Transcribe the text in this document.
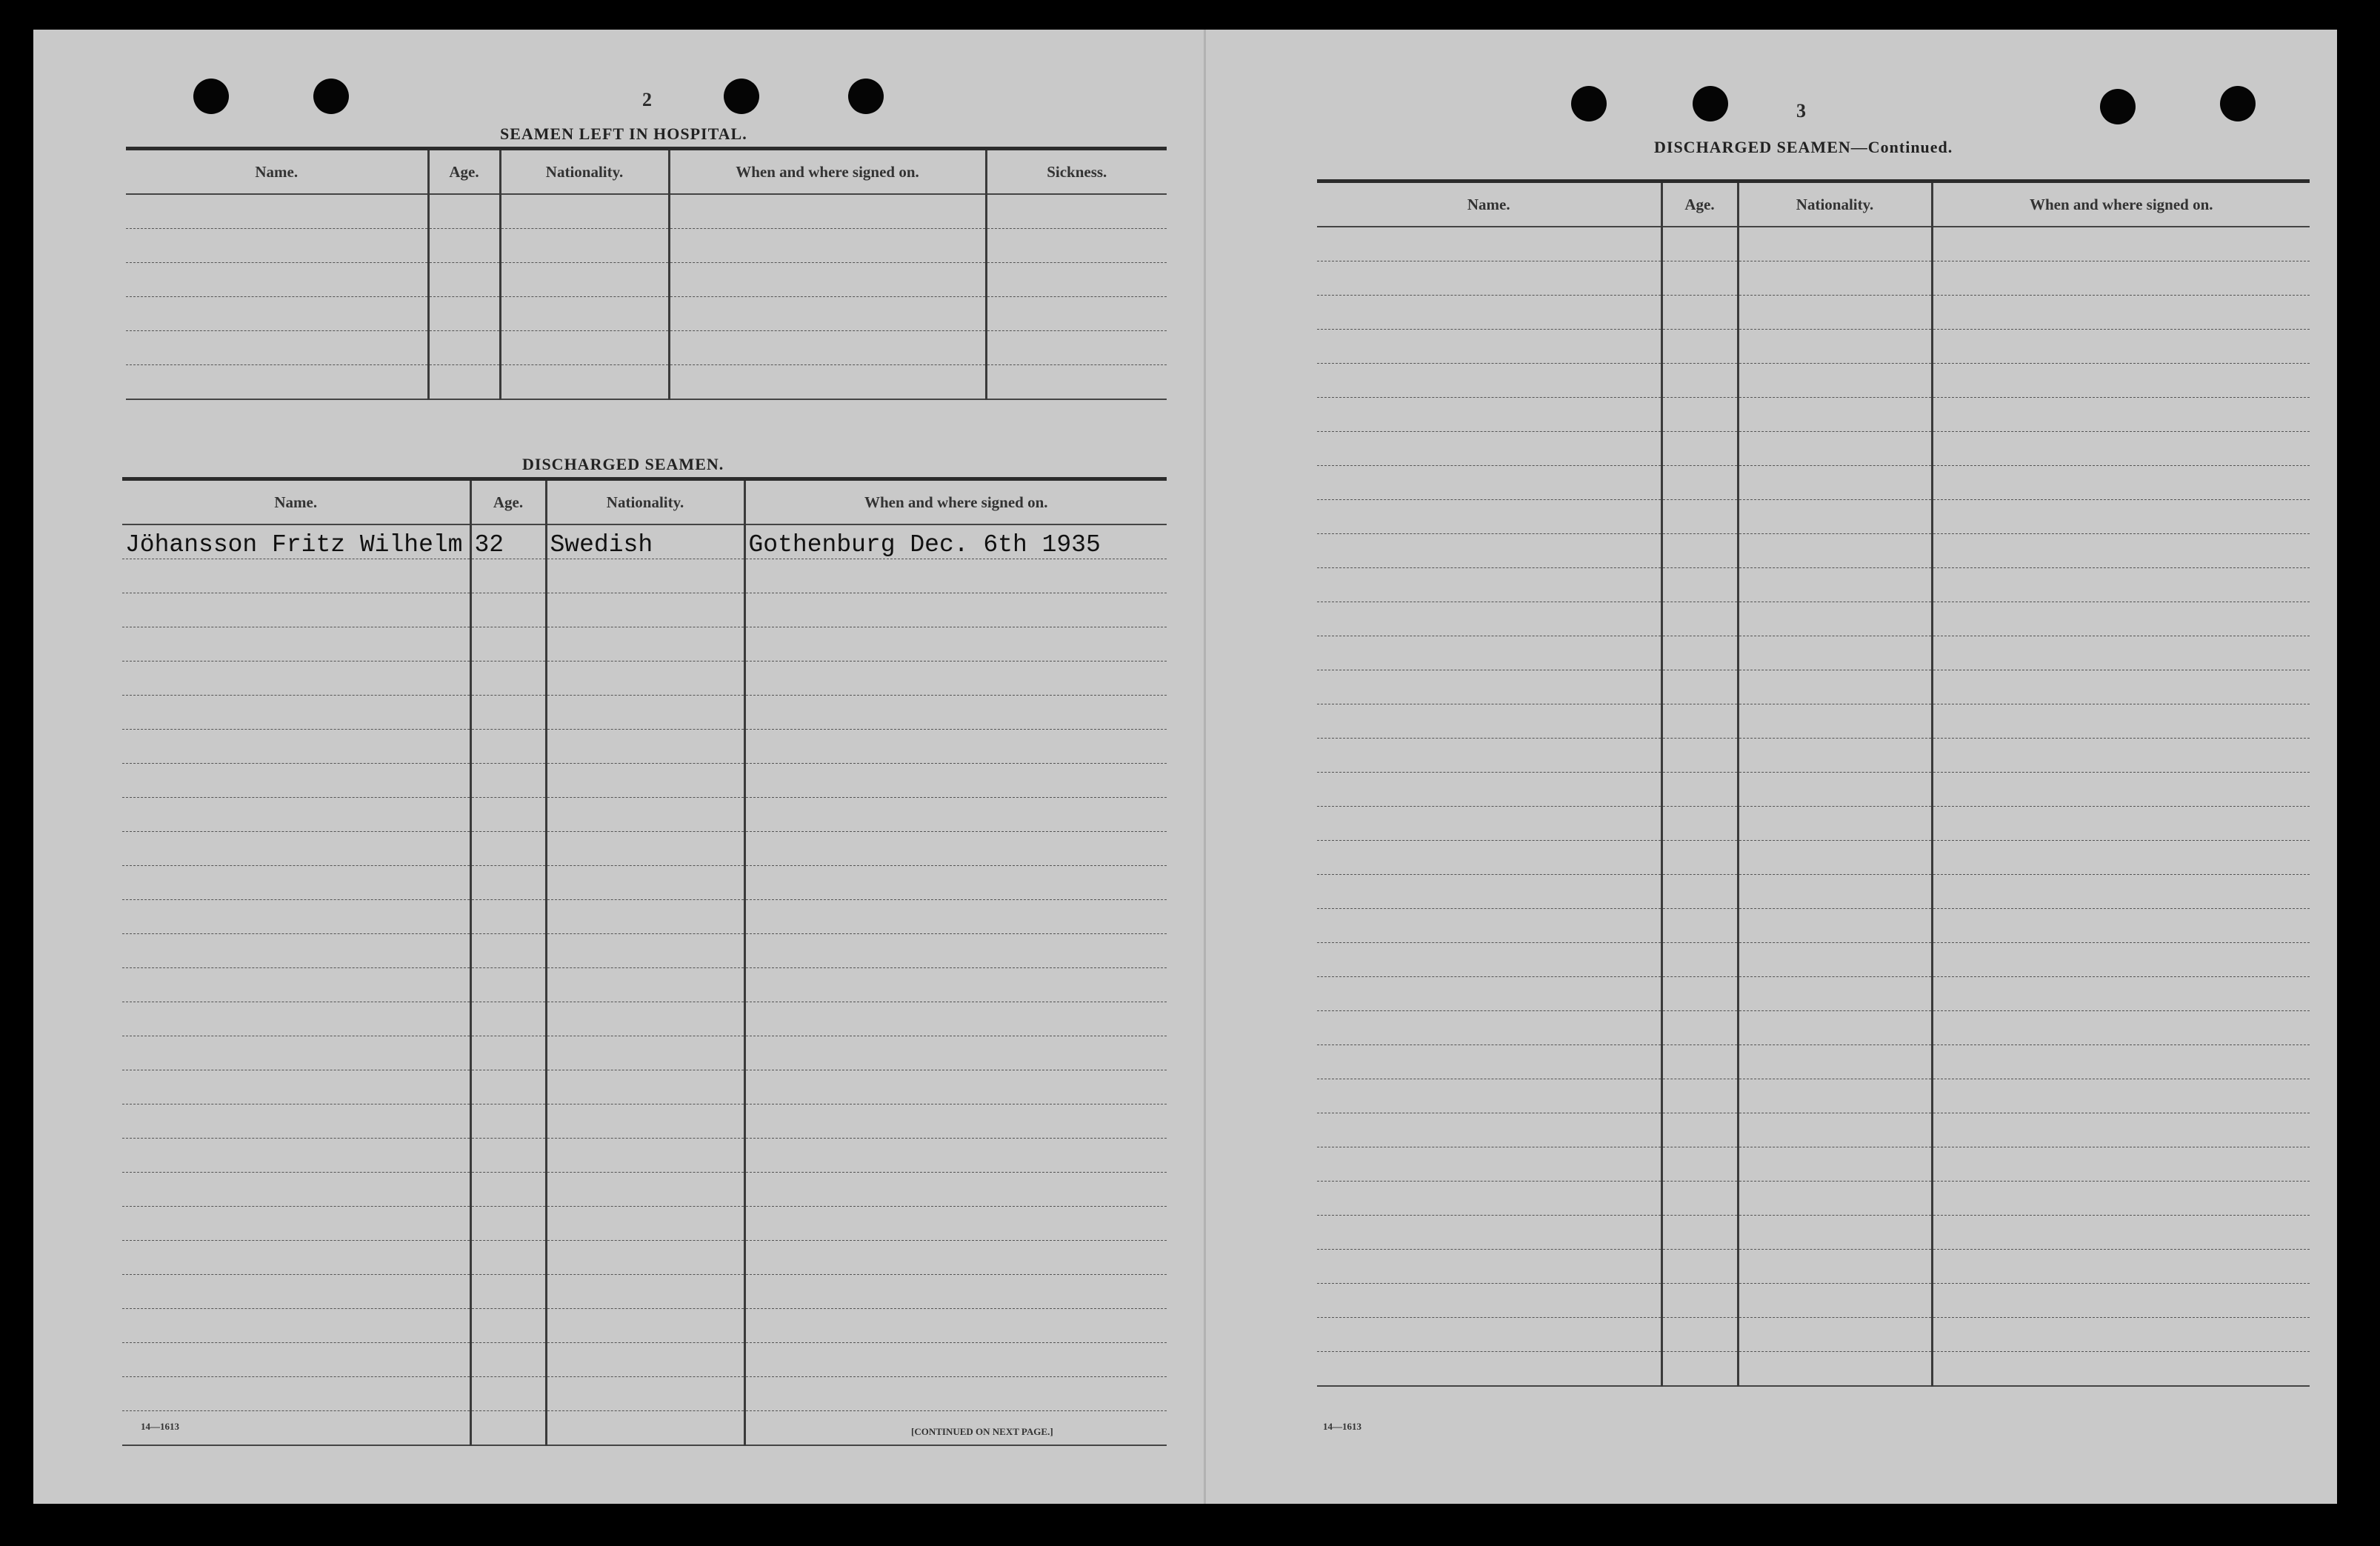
2
SEAMEN LEFT IN HOSPITAL.
Name.	Age.	Nationality.	When and where signed on.	Sickness.

DISCHARGED SEAMEN.
Name.	Age.	Nationality.	When and where signed on.
Jöhansson Fritz Wilhelm	32	Swedish	Gothenburg Dec. 6th 1935

14—1613	[CONTINUED ON NEXT PAGE.]
3
DISCHARGED SEAMEN—Continued.
Name.	Age.	Nationality.	When and where signed on.

14—1613
